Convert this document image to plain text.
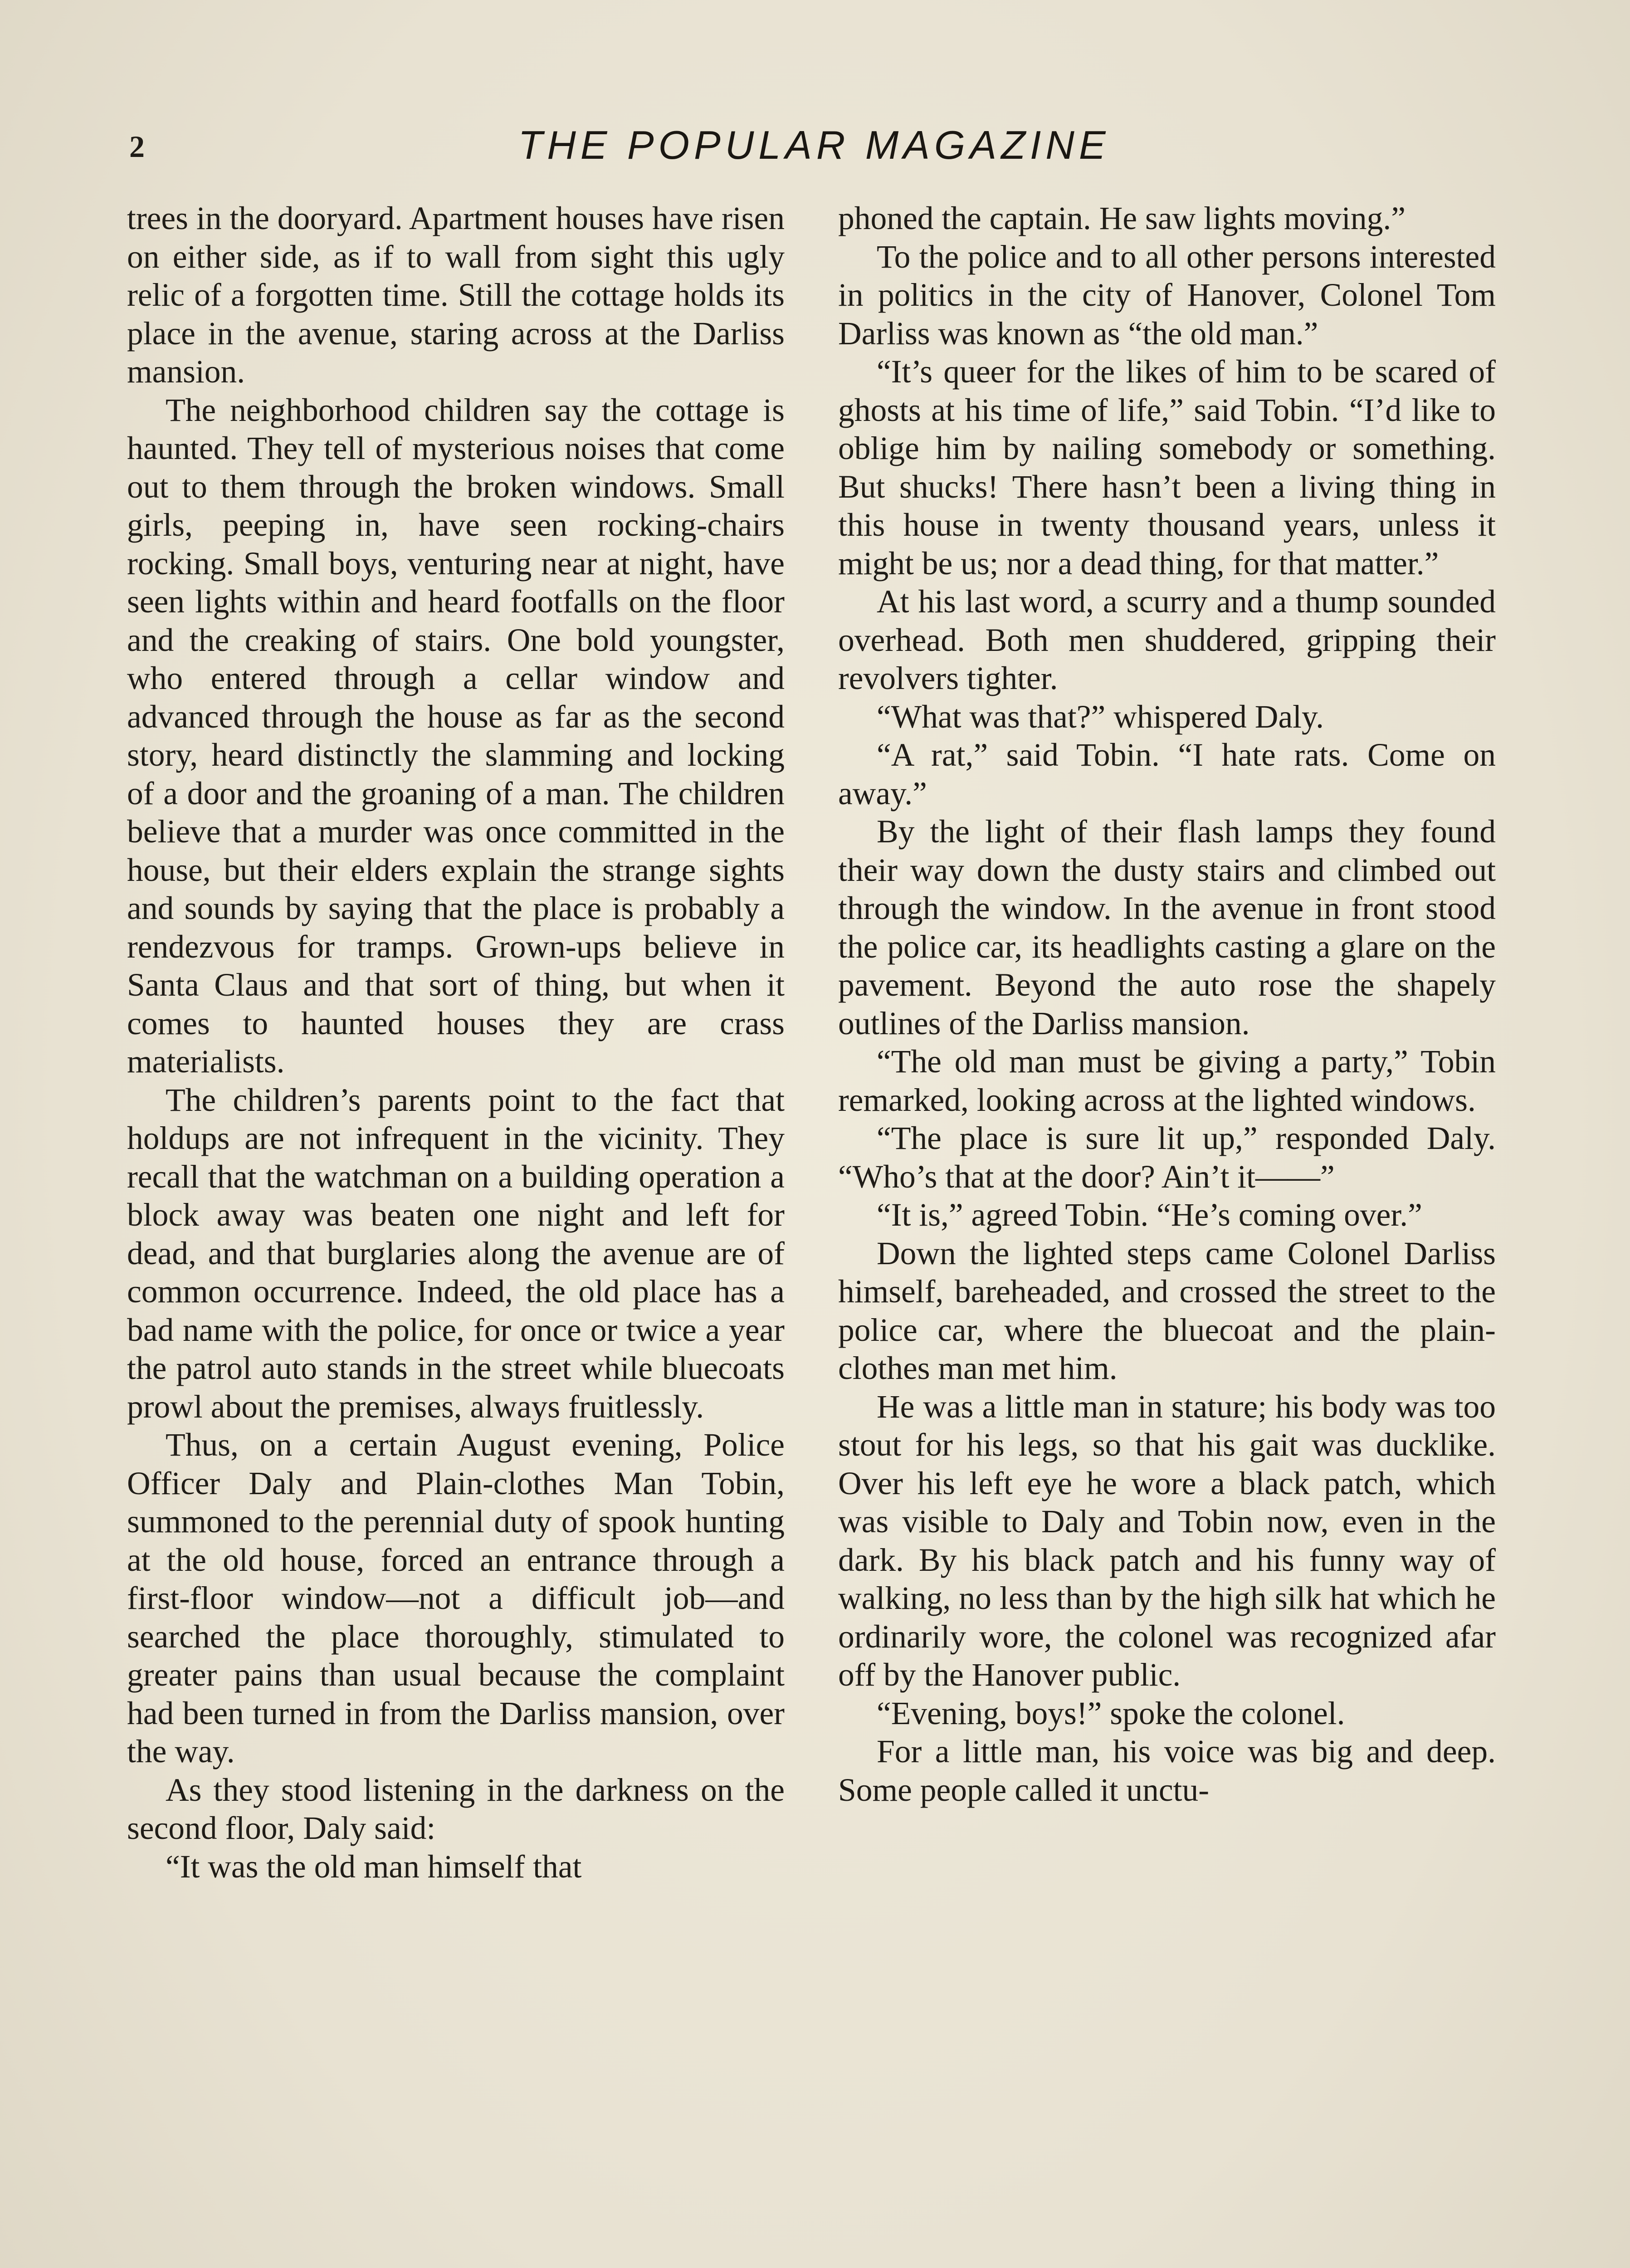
2	THE POPULAR MAGAZINE

trees in the dooryard. Apartment houses have risen on either side, as if to wall from sight this ugly relic of a forgotten time. Still the cottage holds its place in the avenue, staring across at the Darliss mansion.

The neighborhood children say the cottage is haunted. They tell of mysterious noises that come out to them through the broken windows. Small girls, peeping in, have seen rocking-chairs rocking. Small boys, venturing near at night, have seen lights within and heard footfalls on the floor and the creaking of stairs. One bold youngster, who entered through a cellar window and advanced through the house as far as the second story, heard distinctly the slamming and locking of a door and the groaning of a man. The children believe that a murder was once committed in the house, but their elders explain the strange sights and sounds by saying that the place is probably a rendezvous for tramps. Grown-ups believe in Santa Claus and that sort of thing, but when it comes to haunted houses they are crass materialists.

The children’s parents point to the fact that holdups are not infrequent in the vicinity. They recall that the watchman on a building operation a block away was beaten one night and left for dead, and that burglaries along the avenue are of common occurrence. Indeed, the old place has a bad name with the police, for once or twice a year the patrol auto stands in the street while bluecoats prowl about the premises, always fruitlessly.

Thus, on a certain August evening, Police Officer Daly and Plain-clothes Man Tobin, summoned to the perennial duty of spook hunting at the old house, forced an entrance through a first-floor window—not a difficult job—and searched the place thoroughly, stimulated to greater pains than usual because the complaint had been turned in from the Darliss mansion, over the way.

As they stood listening in the darkness on the second floor, Daly said:

“It was the old man himself that

phoned the captain. He saw lights moving.”

To the police and to all other persons interested in politics in the city of Hanover, Colonel Tom Darliss was known as “the old man.”

“It’s queer for the likes of him to be scared of ghosts at his time of life,” said Tobin. “I’d like to oblige him by nailing somebody or something. But shucks! There hasn’t been a living thing in this house in twenty thousand years, unless it might be us; nor a dead thing, for that matter.”

At his last word, a scurry and a thump sounded overhead. Both men shuddered, gripping their revolvers tighter.

“What was that?” whispered Daly.

“A rat,” said Tobin. “I hate rats. Come on away.”

By the light of their flash lamps they found their way down the dusty stairs and climbed out through the window. In the avenue in front stood the police car, its headlights casting a glare on the pavement. Beyond the auto rose the shapely outlines of the Darliss mansion.

“The old man must be giving a party,” Tobin remarked, looking across at the lighted windows.

“The place is sure lit up,” responded Daly. “Who’s that at the door? Ain’t it——”

“It is,” agreed Tobin. “He’s coming over.”

Down the lighted steps came Colonel Darliss himself, bareheaded, and crossed the street to the police car, where the bluecoat and the plain-clothes man met him.

He was a little man in stature; his body was too stout for his legs, so that his gait was ducklike. Over his left eye he wore a black patch, which was visible to Daly and Tobin now, even in the dark. By his black patch and his funny way of walking, no less than by the high silk hat which he ordinarily wore, the colonel was recognized afar off by the Hanover public.

“Evening, boys!” spoke the colonel.

For a little man, his voice was big and deep. Some people called it unctu-
